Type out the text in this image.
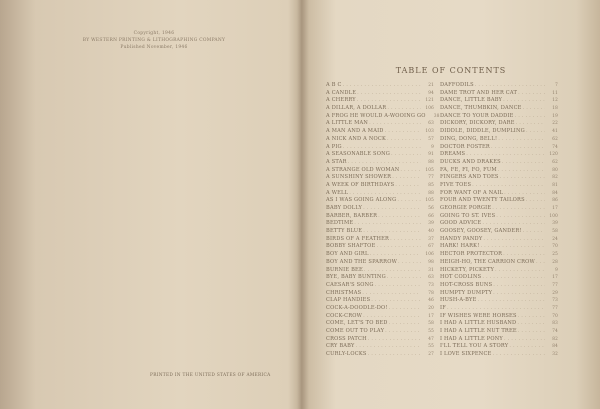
Copyright, 1946
BY WESTERN PRINTING & LITHOGRAPHING COMPANY
Published November, 1946
PRINTED IN THE UNITED STATES OF AMERICA
TABLE OF CONTENTS
A B C . . .	21
A CANDLE . . .	94
A CHERRY . . .	121
A DILLAR, A DOLLAR . . .	106
A FROG HE WOULD A-WOOING GO	38
A LITTLE MAN . . .	63
A MAN AND A MAID . . .	103
A NICK AND A NOCK . . .	57
A PIG . . .	9
A SEASONABLE SONG . . .	91
A STAR . . .	88
A STRANGE OLD WOMAN . . .	105
A SUNSHINY SHOWER . . .	77
A WEEK OF BIRTHDAYS . . .	85
A WELL . . .	88
AS I WAS GOING ALONG . . .	105
BABY DOLLY . . .	56
BARBER, BARBER . . .	66
BEDTIME . . .	39
BETTY BLUE . . .	40
BIRDS OF A FEATHER . . .	37
BOBBY SHAFTOE . . .	67
BOY AND GIRL . . .	106
BOY AND THE SPARROW . . .	98
BURNIE BEE . . .	31
BYE, BABY BUNTING . . .	63
CAESAR'S SONG . . .	73
CHRISTMAS . . .	78
CLAP HANDIES . . .	46
COCK-A-DOODLE-DO! . . .	20
COCK-CROW . . .	17
COME, LET'S TO BED . . .	58
COME OUT TO PLAY . . .	55
CROSS PATCH . . .	47
CRY BABY . . .	55
CURLY-LOCKS . . .	27
DAFFODILS . . .	7
DAME TROT AND HER CAT . . .	11
DANCE, LITTLE BABY . . .	12
DANCE, THUMBKIN, DANCE . . .	18
DANCE TO YOUR DADDIE . . .	19
DICKORY, DICKORY, DARE . . .	22
DIDDLE, DIDDLE, DUMPLING . . .	41
DING, DONG, BELL! . . .	62
DOCTOR FOSTER . . .	74
DREAMS . . .	120
DUCKS AND DRAKES . . .	62
FA, FE, FI, FO, FUM . . .	80
FINGERS AND TOES . . .	82
FIVE TOES . . .	81
FOR WANT OF A NAIL . . .	84
FOUR AND TWENTY TAILORS . . .	86
GEORGIE PORGIE . . .	17
GOING TO ST. IVES . . .	100
GOOD ADVICE . . .	39
GOOSEY, GOOSEY, GANDER! . . .	58
HANDY PANDY . . .	24
HARK! HARK! . . .	70
HECTOR PROTECTOR . . .	25
HEIGH-HO, THE CARRION CROW . . .	28
HICKETY, PICKETY . . .	9
HOT CODLINS . . .	17
HOT-CROSS BUNS . . .	77
HUMPTY DUMPTY . . .	29
HUSH-A-BYE . . .	73
IF . . .	77
IF WISHES WERE HORSES . . .	70
I HAD A LITTLE HUSBAND . . .	83
I HAD A LITTLE NUT TREE . . .	74
I HAD A LITTLE PONY . . .	82
I'LL TELL YOU A STORY . . .	84
I LOVE SIXPENCE . . .	32
